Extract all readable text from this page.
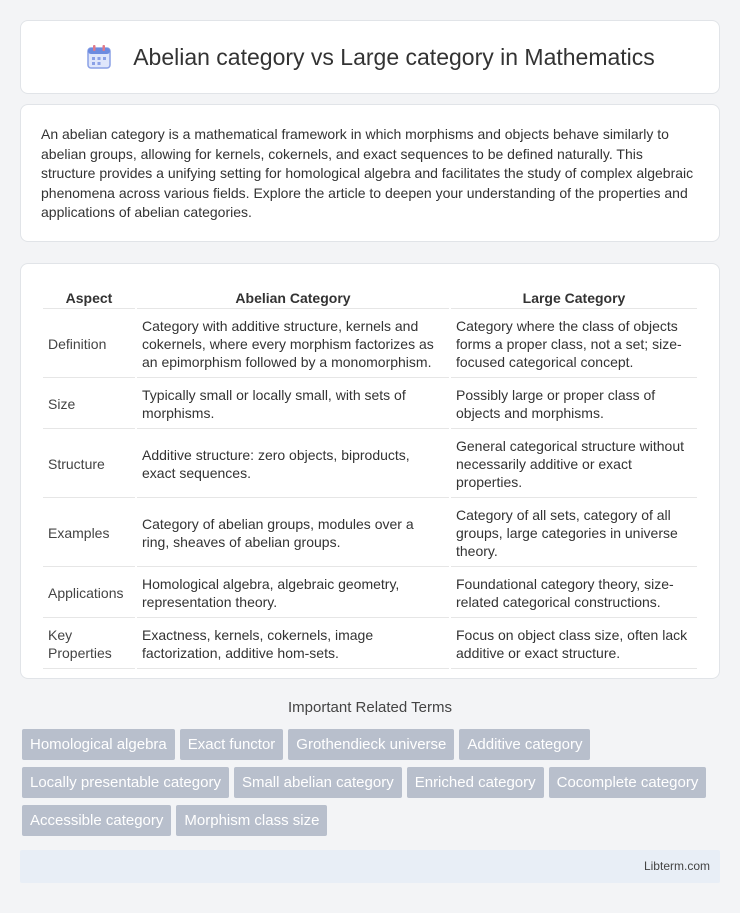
Abelian category vs Large category in Mathematics

An abelian category is a mathematical framework in which morphisms and objects behave similarly to abelian groups, allowing for kernels, cokernels, and exact sequences to be defined naturally. This structure provides a unifying setting for homological algebra and facilitates the study of complex algebraic phenomena across various fields. Explore the article to deepen your understanding of the properties and applications of abelian categories.

Aspect	Abelian Category	Large Category
Definition	Category with additive structure, kernels and cokernels, where every morphism factorizes as an epimorphism followed by a monomorphism.	Category where the class of objects forms a proper class, not a set; size-focused categorical concept.
Size	Typically small or locally small, with sets of morphisms.	Possibly large or proper class of objects and morphisms.
Structure	Additive structure: zero objects, biproducts, exact sequences.	General categorical structure without necessarily additive or exact properties.
Examples	Category of abelian groups, modules over a ring, sheaves of abelian groups.	Category of all sets, category of all groups, large categories in universe theory.
Applications	Homological algebra, algebraic geometry, representation theory.	Foundational category theory, size-related categorical constructions.
Key Properties	Exactness, kernels, cokernels, image factorization, additive hom-sets.	Focus on object class size, often lack additive or exact structure.
Important Related Terms
Homological algebra	Exact functor	Grothendieck universe	Additive category
Locally presentable category	Small abelian category	Enriched category	Cocomplete category
Accessible category	Morphism class size
Libterm.com
